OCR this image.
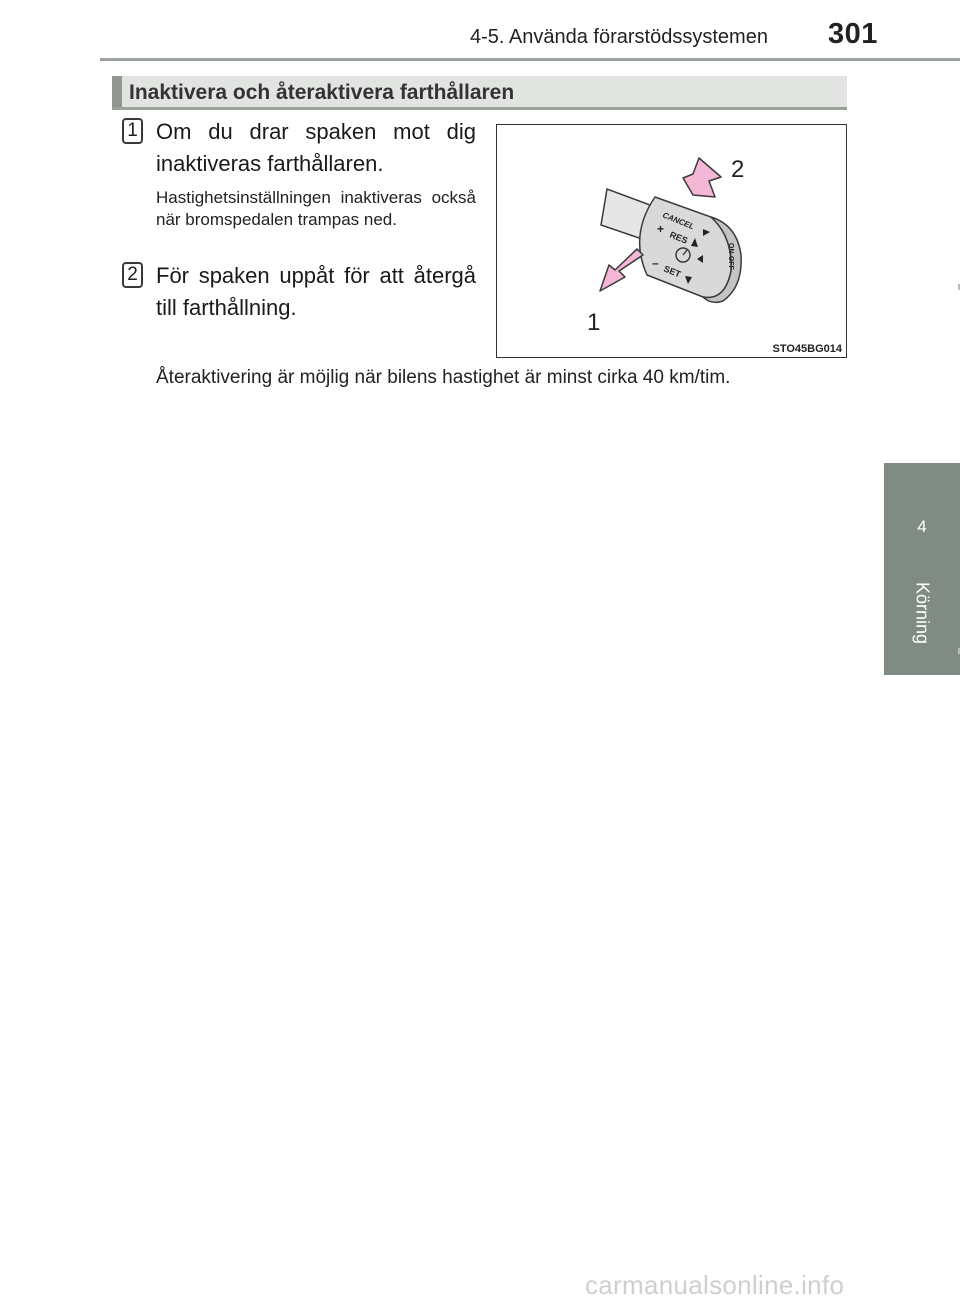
4-5. Använda förarstödssystemen 301
4
Körning
Inaktivera och återaktivera farthållaren
1 Om du drar spaken mot dig inaktiveras farthållaren.
Hastighetsinställningen inaktiveras också när bromspedalen trampas ned.
2 För spaken uppåt för att återgå till farthållning.
CANCEL
+
RES
–
SET
ON-OFF
2
1
STO45BG014
Återaktivering är möjlig när bilens hastighet är minst cirka 40 km/tim.
carmanualsonline.info
